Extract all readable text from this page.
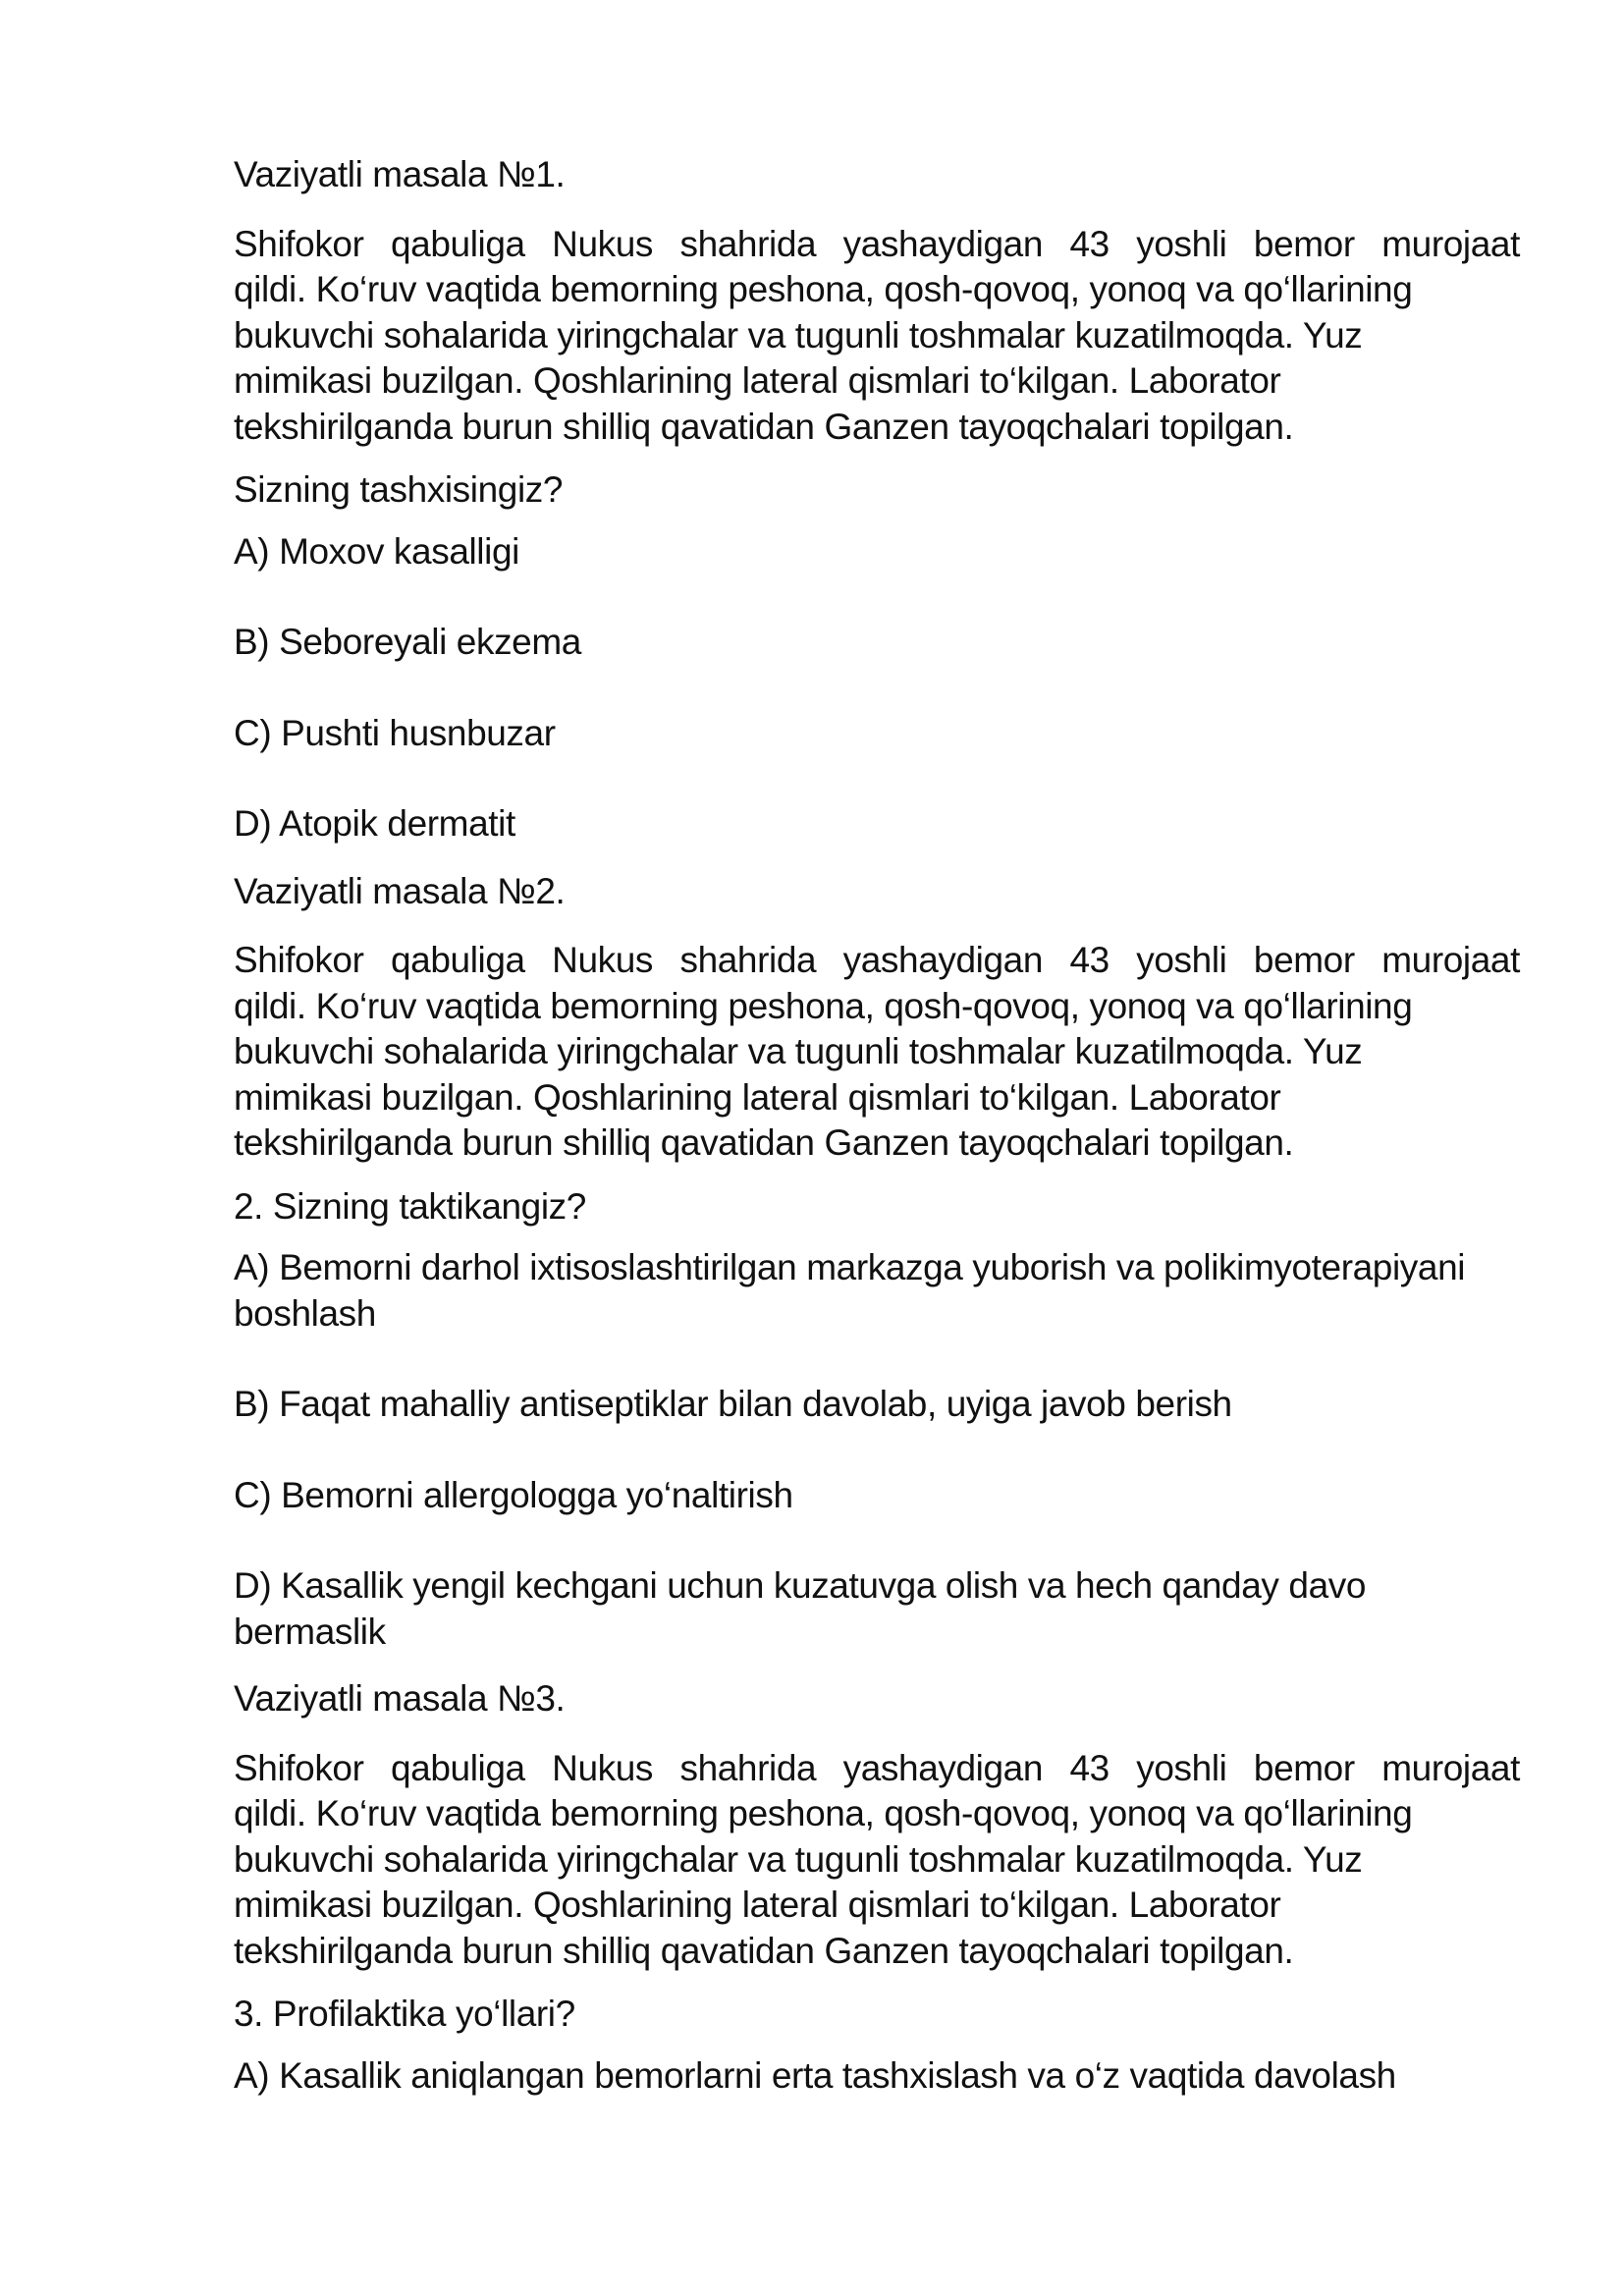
Vaziyatli masala №1.

Shifokor qabuliga Nukus shahrida yashaydigan 43 yoshli bemor murojaat
qildi. Ko‘ruv vaqtida bemorning peshona, qosh-qovoq, yonoq va qo‘llarining
bukuvchi sohalarida yiringchalar va tugunli toshmalar kuzatilmoqda. Yuz
mimikasi buzilgan. Qoshlarining lateral qismlari to‘kilgan. Laborator
tekshirilganda burun shilliq qavatidan Ganzen tayoqchalari topilgan.

Sizning tashxisingiz?

A) Moxov kasalligi

B) Seboreyali ekzema

C) Pushti husnbuzar

D) Atopik dermatit

Vaziyatli masala №2.

Shifokor qabuliga Nukus shahrida yashaydigan 43 yoshli bemor murojaat
qildi. Ko‘ruv vaqtida bemorning peshona, qosh-qovoq, yonoq va qo‘llarining
bukuvchi sohalarida yiringchalar va tugunli toshmalar kuzatilmoqda. Yuz
mimikasi buzilgan. Qoshlarining lateral qismlari to‘kilgan. Laborator
tekshirilganda burun shilliq qavatidan Ganzen tayoqchalari topilgan.

2. Sizning taktikangiz?

A) Bemorni darhol ixtisoslashtirilgan markazga yuborish va polikimyoterapiyani
boshlash

B) Faqat mahalliy antiseptiklar bilan davolab, uyiga javob berish

C) Bemorni allergologga yo‘naltirish

D) Kasallik yengil kechgani uchun kuzatuvga olish va hech qanday davo
bermaslik

Vaziyatli masala №3.

Shifokor qabuliga Nukus shahrida yashaydigan 43 yoshli bemor murojaat
qildi. Ko‘ruv vaqtida bemorning peshona, qosh-qovoq, yonoq va qo‘llarining
bukuvchi sohalarida yiringchalar va tugunli toshmalar kuzatilmoqda. Yuz
mimikasi buzilgan. Qoshlarining lateral qismlari to‘kilgan. Laborator
tekshirilganda burun shilliq qavatidan Ganzen tayoqchalari topilgan.

3. Profilaktika yo‘llari?

A) Kasallik aniqlangan bemorlarni erta tashxislash va o‘z vaqtida davolash
